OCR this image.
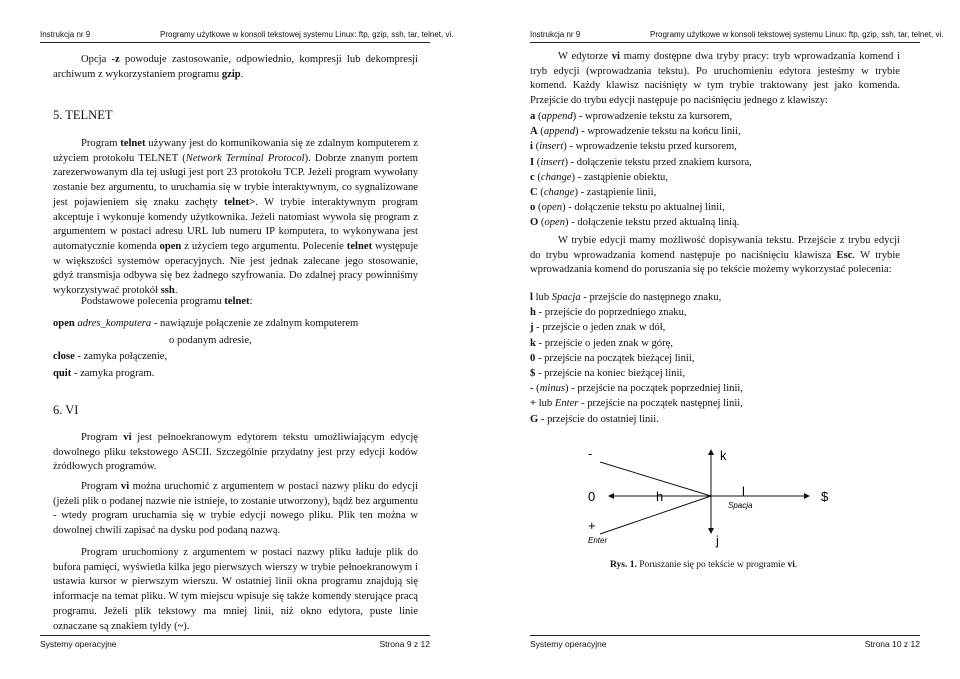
Instrukcja nr 9	Programy użytkowe w konsoli tekstowej systemu Linux: ftp, gzip, ssh, tar, telnet, vi.
Opcja -z powoduje zastosowanie, odpowiednio, kompresji lub dekompresji archiwum z wykorzystaniem programu gzip.
5. TELNET
Program telnet używany jest do komunikowania się ze zdalnym komputerem z użyciem protokołu TELNET (Network Terminal Protocol). Dobrze znanym portem zarezerwowanym dla tej usługi jest port 23 protokołu TCP. Jeżeli program wywołany zostanie bez argumentu, to uruchamia się w trybie interaktywnym, co sygnalizowane jest pojawieniem się znaku zachęty telnet>. W trybie interaktywnym program akceptuje i wykonuje komendy użytkownika. Jeżeli natomiast wywoła się program z argumentem w postaci adresu URL lub numeru IP komputera, to wykonywana jest automatycznie komenda open z użyciem tego argumentu. Polecenie telnet występuje w większości systemów operacyjnych. Nie jest jednak zalecane jego stosowanie, gdyż transmisja odbywa się bez żadnego szyfrowania. Do zdalnej pracy powinniśmy wykorzystywać protokół ssh.
Podstawowe polecenia programu telnet:
open adres_komputera - nawiązuje połączenie ze zdalnym komputerem
o podanym adresie,
close - zamyka połączenie,
quit - zamyka program.
6. VI
Program vi jest pełnoekranowym edytorem tekstu umożliwiającym edycję dowolnego pliku tekstowego ASCII. Szczególnie przydatny jest przy edycji kodów źródłowych programów.
Program vi można uruchomić z argumentem w postaci nazwy pliku do edycji (jeżeli plik o podanej nazwie nie istnieje, to zostanie utworzony), bądź bez argumentu - wtedy program uruchamia się w trybie edycji nowego pliku. Plik ten można w dowolnej chwili zapisać na dysku pod podaną nazwą.
Program uruchomiony z argumentem w postaci nazwy pliku ładuje plik do bufora pamięci, wyświetla kilka jego pierwszych wierszy w trybie pełnoekranowym i ustawia kursor w pierwszym wierszu. W ostatniej linii okna programu znajdują się informacje na temat pliku. W tym miejscu wpisuje się także komendy sterujące pracą programu. Jeżeli plik tekstowy ma mniej linii, niż okno edytora, puste linie oznaczane są znakiem tyldy (~).
Systemy operacyjne	Strona 9 z 12
Instrukcja nr 9	Programy użytkowe w konsoli tekstowej systemu Linux: ftp, gzip, ssh, tar, telnet, vi.
W edytorze vi mamy dostępne dwa tryby pracy: tryb wprowadzania komend i tryb edycji (wprowadzania tekstu). Po uruchomieniu edytora jesteśmy w trybie komend. Każdy klawisz naciśnięty w tym trybie traktowany jest jako komenda. Przejście do trybu edycji następuje po naciśnięciu jednego z klawiszy:
a (append) - wprowadzenie tekstu za kursorem,
A (append) - wprowadzenie tekstu na końcu linii,
i (insert) - wprowadzenie tekstu przed kursorem,
I (insert) - dołączenie tekstu przed znakiem kursora,
c (change) - zastąpienie obiektu,
C (change) - zastąpienie linii,
o (open) - dołączenie tekstu po aktualnej linii,
O (open) - dołączenie tekstu przed aktualną linią.
W trybie edycji mamy możliwość dopisywania tekstu. Przejście z trybu edycji do trybu wprowadzania komend następuje po naciśnięciu klawisza Esc. W trybie wprowadzania komend do poruszania się po tekście możemy wykorzystać polecenia:
l lub Spacja - przejście do następnego znaku,
h - przejście do poprzedniego znaku,
j - przejście o jeden znak w dół,
k - przejście o jeden znak w górę,
0 - przejście na początek bieżącej linii,
$ - przejście na koniec bieżącej linii,
- (minus) - przejście na początek poprzedniej linii,
+ lub Enter - przejście na początek następnej linii,
G - przejście do ostatniej linii.
-	k
0	h	l
Spacja
$
+
Enter	j
Rys. 1. Poruszanie się po tekście w programie vi.
Systemy operacyjne	Strona 10 z 12
